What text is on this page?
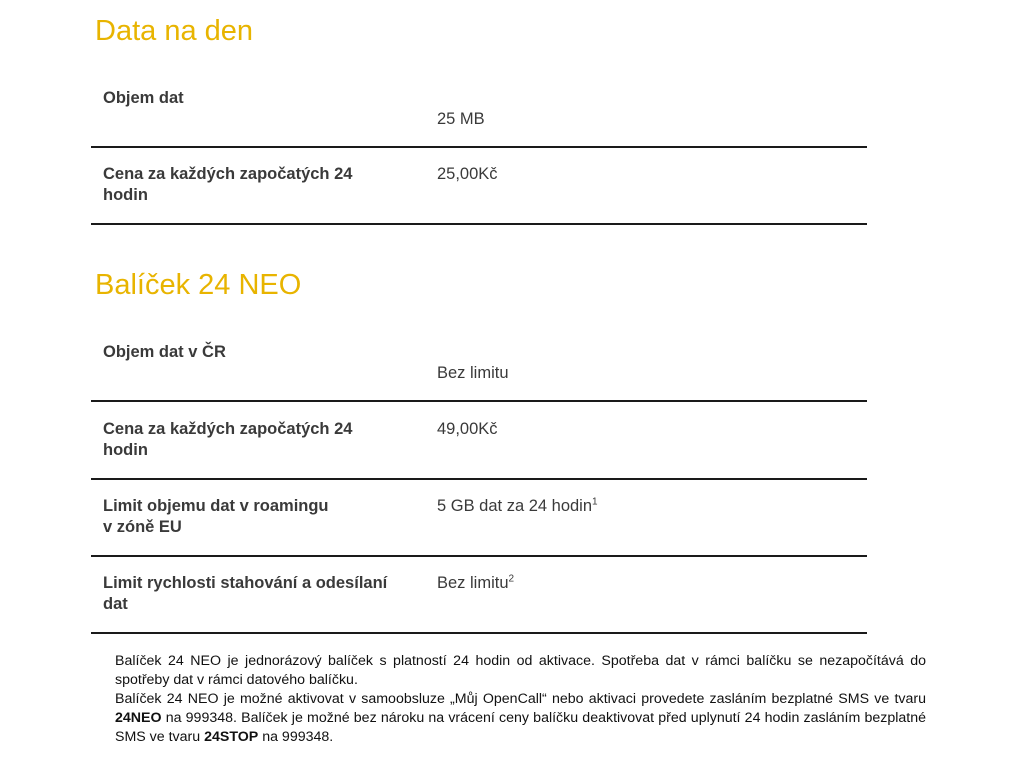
Data na den
Objem dat
25 MB
Cena za každých započatých 24 hodin
25,00Kč
Balíček 24 NEO
Objem dat v ČR
Bez limitu
Cena za každých započatých 24 hodin
49,00Kč
Limit objemu dat v roamingu
v zóně EU
5 GB dat za 24 hodin$^1$
Limit rychlosti stahování a odesílaní dat
Bez limitu$^2$

Balíček 24 NEO je jednorázový balíček s platností 24 hodin od aktivace. Spotřeba dat v rámci balíčku se nezapočítává do spotřeby dat v rámci datového balíčku.

Balíček 24 NEO je možné aktivovat v samoobsluze „Můj OpenCall“ nebo aktivaci provedete zasláním bezplatné SMS ve tvaru 24NEO na 999348. Balíček je možné bez nároku na vrácení ceny balíčku deaktivovat před uplynutí 24 hodin zasláním bezplatné SMS ve tvaru 24STOP na 999348.
